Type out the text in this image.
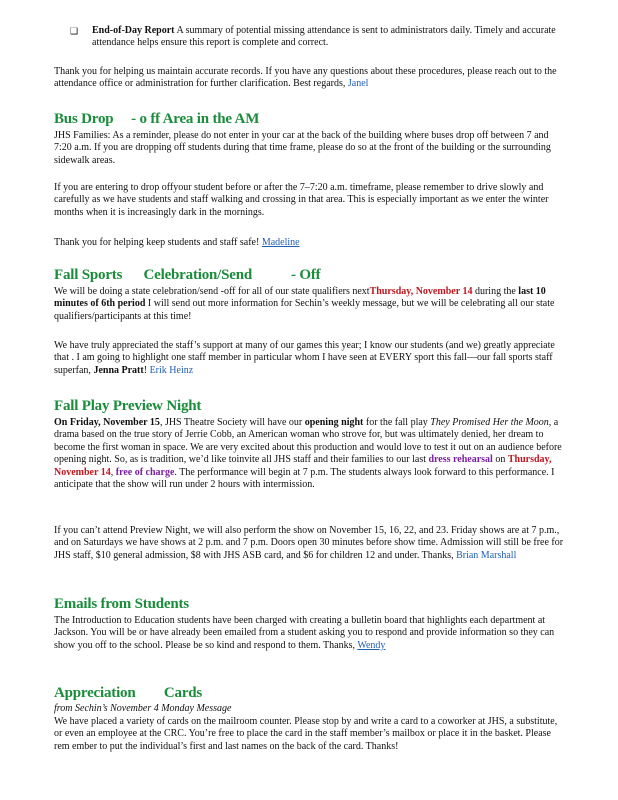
❑ End-of-Day Report A summary of potential missing attendance is sent to administrators daily. Timely and accurate attendance helps ensure this report is complete and correct.

Thank you for helping us maintain accurate records. If you have any questions about these procedures, please reach out to the attendance office or administration for further clarification. Best regards, Janel

Bus Drop     - o ff Area in the AM

JHS Families: As a reminder, please do not enter in your car at the back of the building where buses drop off between 7 and 7:20 a.m. If you are dropping off students during that time frame, please do so at the front of the building or the surrounding sidewalk areas.

If you are entering to drop offyour student before or after the 7–7:20 a.m. timeframe, please remember to drive slowly and carefully as we have students and staff walking and crossing in that area. This is especially important as we enter the winter months when it is increasingly dark in the mornings.

Thank you for helping keep students and staff safe! Madeline

Fall Sports      Celebration/Send           - Off

We will be doing a state celebration/send -off for all of our state qualifiers nextThursday, November 14 during the last 10 minutes of 6th period I will send out more information for Sechin’s weekly message, but we will be celebrating all our state qualifiers/participants at this time!

We have truly appreciated the staff’s support at many of our games this year; I know our students (and we) greatly appreciate that . I am going to highlight one staff member in particular whom I have seen at EVERY sport this fall—our fall sports staff superfan, Jenna Pratt! Erik Heinz

Fall Play Preview Night

On Friday, November 15, JHS Theatre Society will have our opening night for the fall play They Promised Her the Moon, a drama based on the true story of Jerrie Cobb, an American woman who strove for, but was ultimately denied, her dream to become the first woman in space. We are very excited about this production and would love to test it out on an audience before opening night. So, as is tradition, we’d like toinvite all JHS staff and their families to our last dress rehearsal on Thursday, November 14, free of charge. The performance will begin at 7 p.m. The students always look forward to this performance. I anticipate that the show will run under 2 hours with intermission.

If you can’t attend Preview Night, we will also perform the show on November 15, 16, 22, and 23. Friday shows are at 7 p.m., and on Saturdays we have shows at 2 p.m. and 7 p.m. Doors open 30 minutes before show time. Admission will still be free for JHS staff, $10 general admission, $8 with JHS ASB card, and $6 for children 12 and under. Thanks, Brian Marshall

Emails from Students

The Introduction to Education students have been charged with creating a bulletin board that highlights each department at Jackson. You will be or have already been emailed from a student asking you to respond and provide information so they can show you off to the school. Please be so kind and respond to them. Thanks, Wendy

Appreciation        Cards

from Sechin’s November 4 Monday Message

We have placed a variety of cards on the mailroom counter. Please stop by and write a card to a coworker at JHS, a substitute, or even an employee at the CRC. You’re free to place the card in the staff member’s mailbox or place it in the basket. Please rem ember to put the individual’s first and last names on the back of the card. Thanks!
